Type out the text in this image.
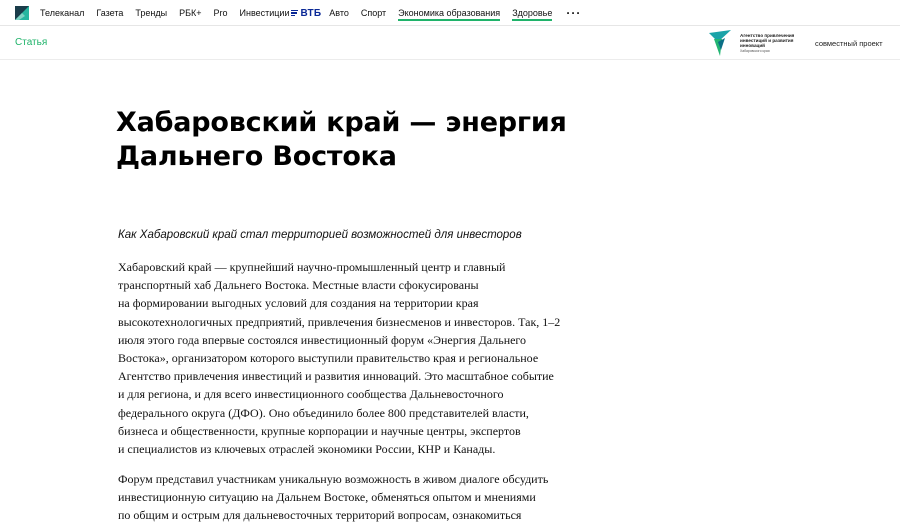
Телеканал Газета Тренды РБК+ Pro Инвестиции ВТБ Авто Спорт Экономика образования Здоровье ···
Статья
Агентство привлечения инвестиций и развития инноваций
Хабаровского края
совместный проект
Хабаровский край — энергия
Дальнего Востока
Как Хабаровский край стал территорией возможностей для инвесторов

Хабаровский край — крупнейший научно-промышленный центр и главный
транспортный хаб Дальнего Востока. Местные власти сфокусированы
на формировании выгодных условий для создания на территории края
высокотехнологичных предприятий, привлечения бизнесменов и инвесторов. Так, 1–2
июля этого года впервые состоялся инвестиционный форум «Энергия Дальнего
Востока», организатором которого выступили правительство края и региональное
Агентство привлечения инвестиций и развития инноваций. Это масштабное событие
и для региона, и для всего инвестиционного сообщества Дальневосточного
федерального округа (ДФО). Оно объединило более 800 представителей власти,
бизнеса и общественности, крупные корпорации и научные центры, экспертов
и специалистов из ключевых отраслей экономики России, КНР и Канады.

Форум представил участникам уникальную возможность в живом диалоге обсудить
инвестиционную ситуацию на Дальнем Востоке, обменяться опытом и мнениями
по общим и острым для дальневосточных территорий вопросам, ознакомиться
